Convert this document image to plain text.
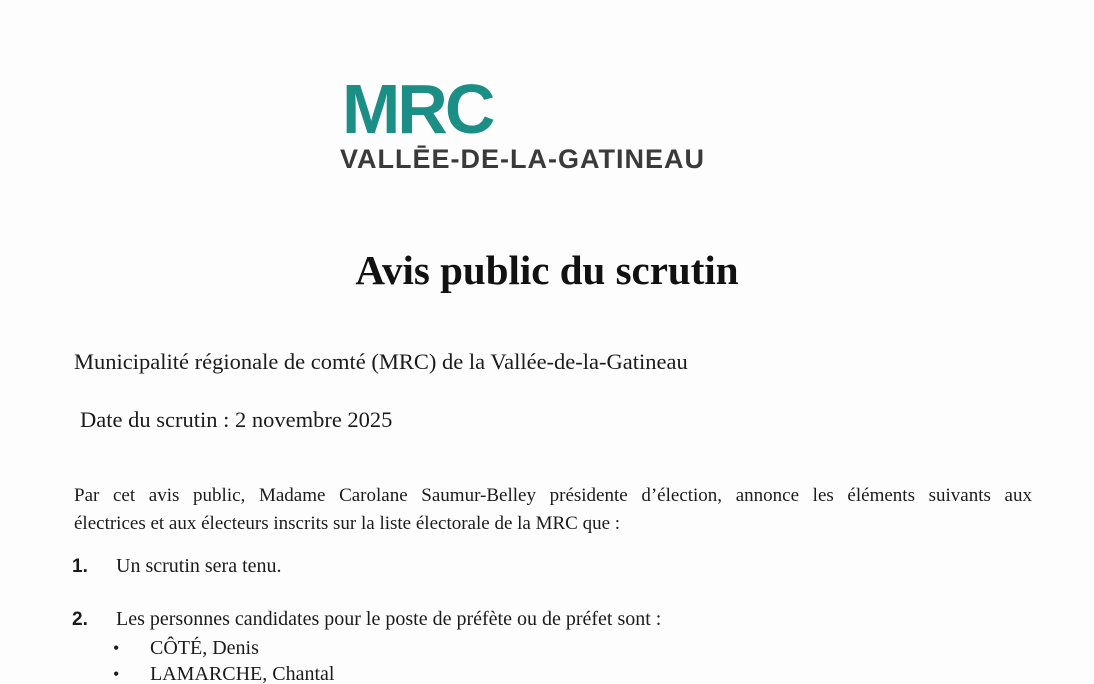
MRC
VALLĒE-DE-LA-GATINEAU
Avis public du scrutin
Municipalité régionale de comté (MRC) de la Vallée-de-la-Gatineau
Date du scrutin : 2 novembre 2025
Par cet avis public, Madame Carolane Saumur-Belley présidente d’élection, annonce les éléments suivants aux
électrices et aux électeurs inscrits sur la liste électorale de la MRC que :
1. Un scrutin sera tenu.
2. Les personnes candidates pour le poste de préfète ou de préfet sont :
• CÔTÉ, Denis
• LAMARCHE, Chantal
